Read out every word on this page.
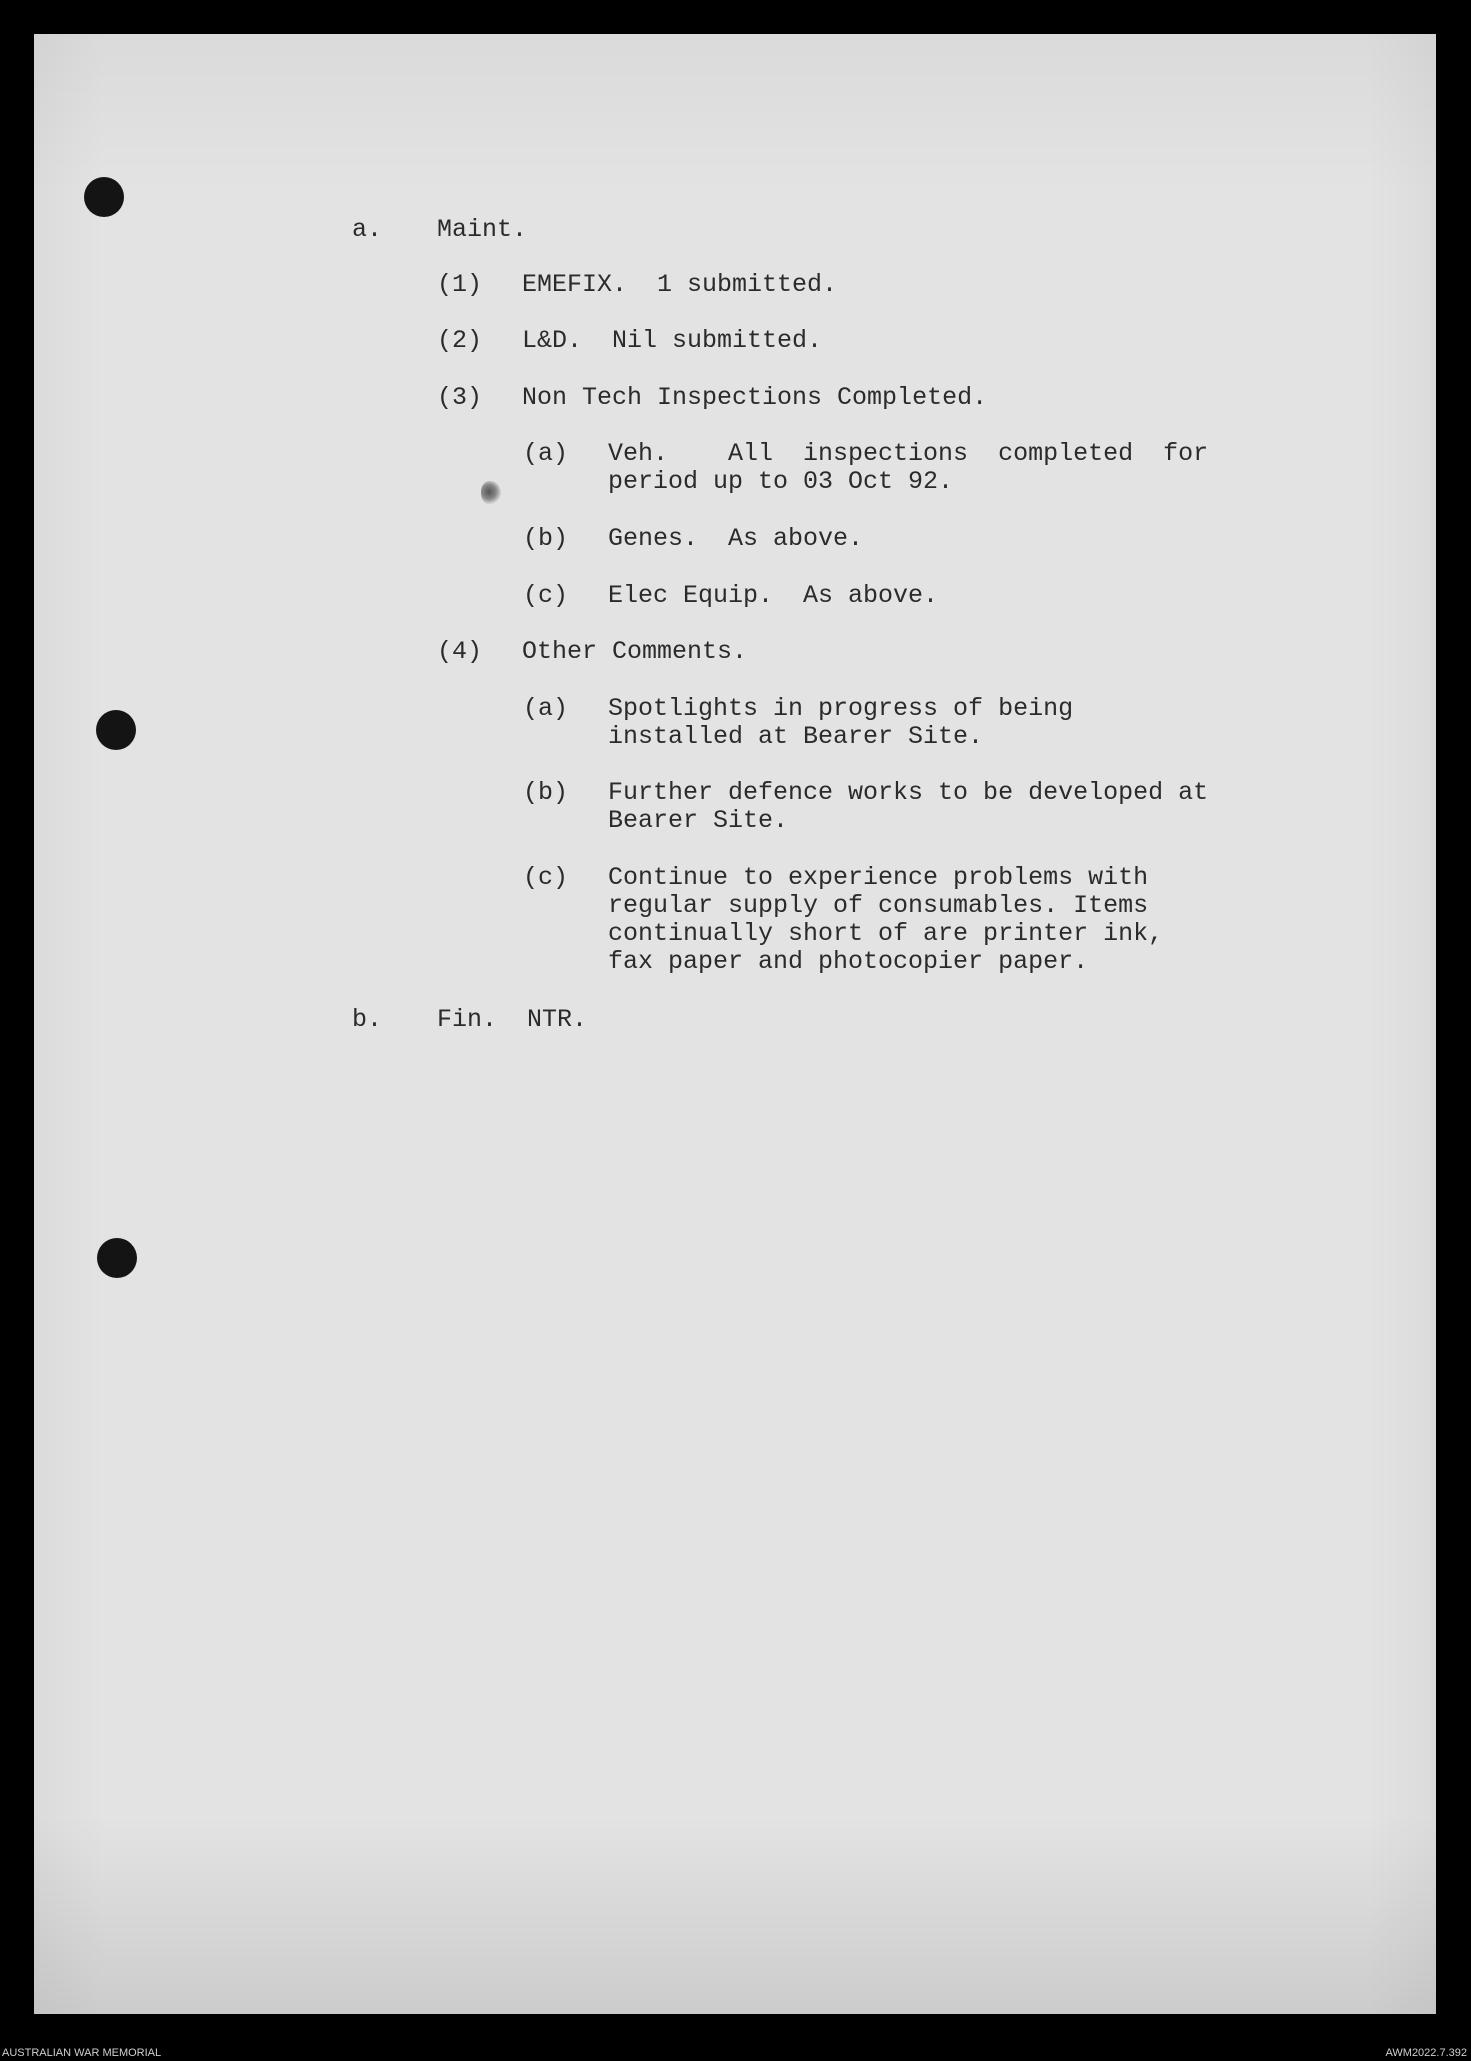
a. Maint.
(1) EMEFIX.  1 submitted.
(2) L&D.  Nil submitted.
(3) Non Tech Inspections Completed.
(a) Veh.    All  inspections  completed  for
period up to 03 Oct 92.
(b) Genes.  As above.
(c) Elec Equip.  As above.
(4) Other Comments.
(a) Spotlights in progress of being
installed at Bearer Site.
(b) Further defence works to be developed at
Bearer Site.
(c) Continue to experience problems with
regular supply of consumables. Items
continually short of are printer ink,
fax paper and photocopier paper.
b. Fin.  NTR.
AUSTRALIAN WAR MEMORIAL	AWM2022.7.392
